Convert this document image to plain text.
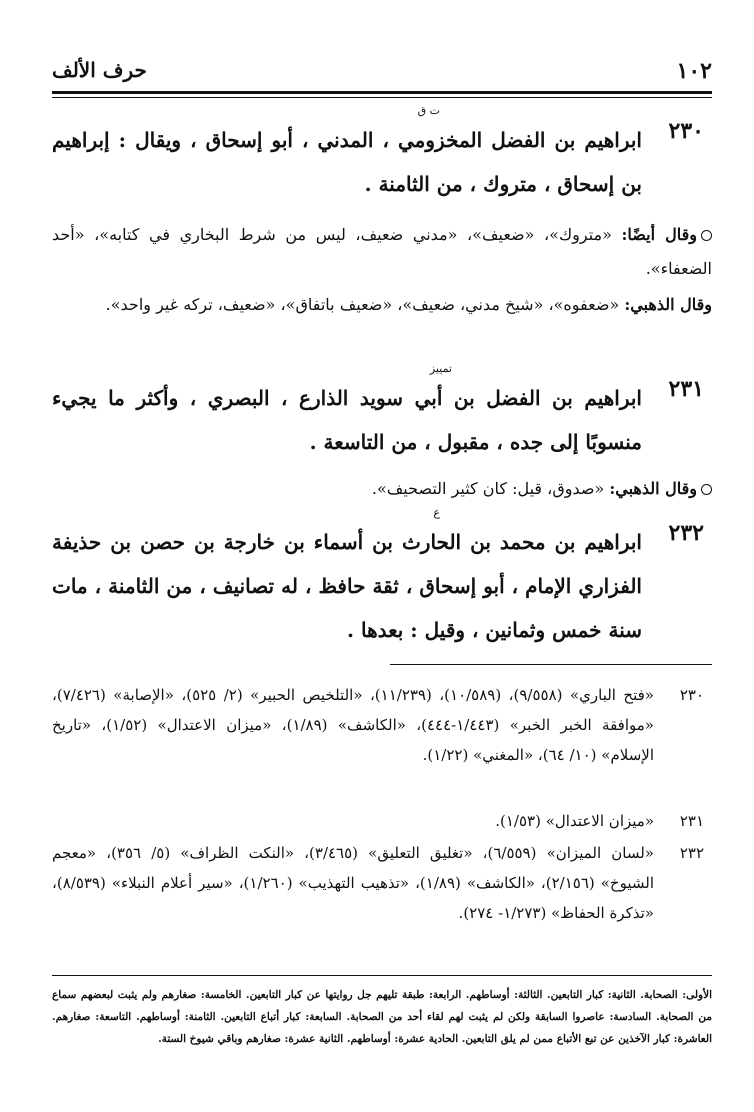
١٠٢
حرف الألف
٢٣٠
ت ق
ابراهيم بن الفضل المخزومي ، المدني ، أبو إسحاق ، ويقال : إبراهيم بن إسحاق ، متروك ، من الثامنة .
وقال أيضًا: «متروك»، «ضعيف»، «مدني ضعيف، ليس من شرط البخاري في كتابه»، «أحد الضعفاء».
وقال الذهبي: «ضعفوه»، «شيخ مدني، ضعيف»، «ضعيف باتفاق»، «ضعيف، تركه غير واحد».
٢٣١
تمييز
ابراهيم بن الفضل بن أبي سويد الذارع ، البصري ، وأكثر ما يجيء منسوبًا إلى جده ، مقبول ، من التاسعة .
وقال الذهبي: «صدوق، قيل: كان كثير التصحيف».
٢٣٢
ع
ابراهيم بن محمد بن الحارث بن أسماء بن خارجة بن حصن بن حذيفة الفزاري الإمام ، أبو إسحاق ، ثقة حافظ ، له تصانيف ، من الثامنة ، مات سنة خمس وثمانين ، وقيل : بعدها .
٢٣٠
«فتح الباري» (٩/٥٥٨)، (١٠/٥٨٩)، (١١/٢٣٩)، «التلخيص الحبير» (٢/ ٥٢٥)، «الإصابة» (٧/٤٢٦)، «موافقة الخبر الخبر» (١/٤٤٣-٤٤٤)، «الكاشف» (١/٨٩)، «ميزان الاعتدال» (١/٥٢)، «تاريخ الإسلام» (١٠/ ٦٤)، «المغني» (١/٢٢).
٢٣١
«ميزان الاعتدال» (١/٥٣).
٢٣٢
«لسان الميزان» (٦/٥٥٩)، «تغليق التعليق» (٣/٤٦٥)، «النكت الظراف» (٥/ ٣٥٦)، «معجم الشيوخ» (٢/١٥٦)، «الكاشف» (١/٨٩)، «تذهيب التهذيب» (١/٢٦٠)، «سير أعلام النبلاء» (٨/٥٣٩)، «تذكرة الحفاظ» (١/٢٧٣- ٢٧٤).
الأولى: الصحابة. الثانية: كبار التابعين. الثالثة: أوساطهم. الرابعة: طبقة تليهم جل روايتها عن كبار التابعين. الخامسة: صغارهم ولم يثبت لبعضهم سماع من الصحابة. السادسة: عاصروا السابقة ولكن لم يثبت لهم لقاء أحد من الصحابة. السابعة: كبار أتباع التابعين. الثامنة: أوساطهم. التاسعة: صغارهم. العاشرة: كبار الآخذين عن تبع الأتباع ممن لم يلق التابعين. الحادية عشرة: أوساطهم. الثانية عشرة: صغارهم وباقي شيوخ الستة.
